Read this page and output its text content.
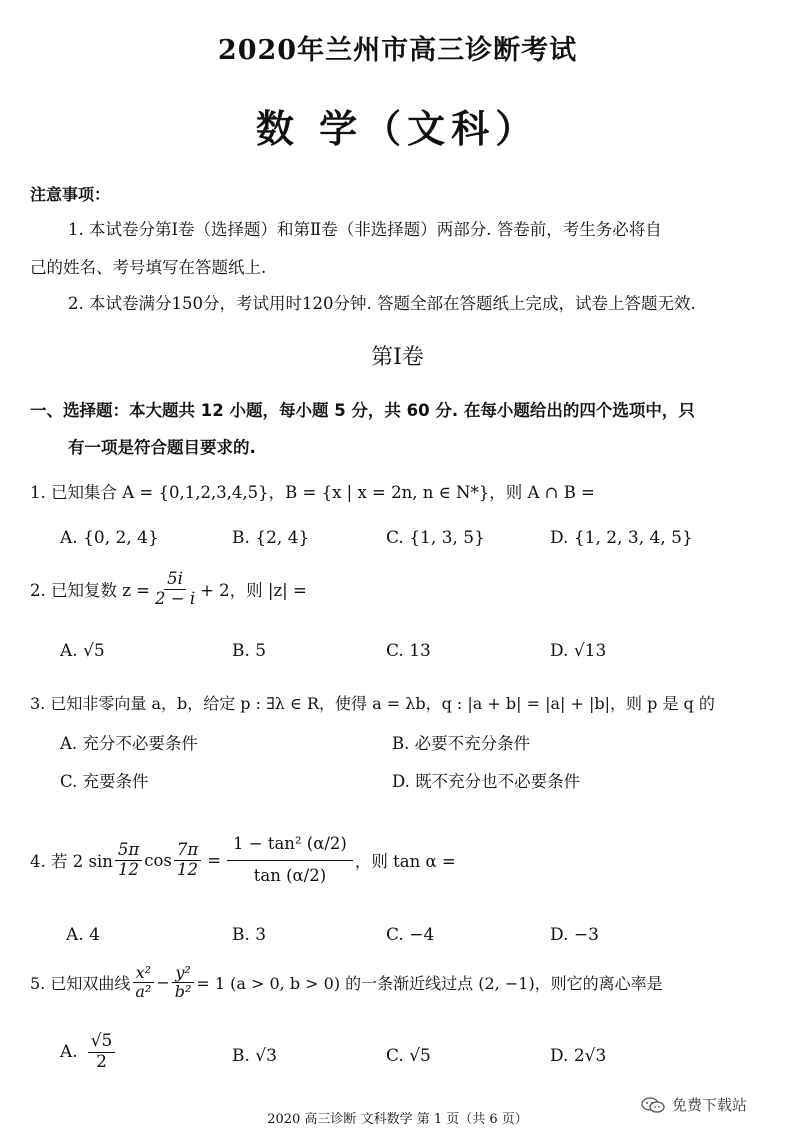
2020年兰州市高三诊断考试
数 学（文科）
注意事项：
1. 本试卷分第Ⅰ卷（选择题）和第Ⅱ卷（非选择题）两部分. 答卷前，考生务必将自
己的姓名、考号填写在答题纸上.
2. 本试卷满分150分，考试用时120分钟. 答题全部在答题纸上完成，试卷上答题无效.
第Ⅰ卷
一、选择题：本大题共 12 小题，每小题 5 分，共 60 分. 在每小题给出的四个选项中，只
有一项是符合题目要求的.
1. 已知集合 A = {0,1,2,3,4,5}，B = {x | x = 2n, n ∈ N*}，则 A ∩ B =
A. {0, 2, 4}	B. {2, 4}	C. {1, 3, 5}	D. {1, 2, 3, 4, 5}
2. 已知复数 $z = \frac{5i}{2 - i} + 2$，则 |z| =
A. √5	B. 5	C. 13	D. √13
3. 已知非零向量 a，b，给定 p : ∃λ ∈ R，使得 a = λb，q : |a + b| = |a| + |b|，则 p 是 q 的
A. 充分不必要条件	B. 必要不充分条件
C. 充要条件	D. 既不充分也不必要条件
4. 若 2 $\sin \frac{5\pi}{12}$ $\cos \frac{7\pi}{12} = \frac{\text{1 − tan² (α/2)}}{\tan (\alpha/2)}$ ，则 tan α =
A. 4	B. 3	C. −4	D. −3
5. 已知双曲线 $\frac{\text{x²}}{\text{a²}} - \frac{\text{y²}}{\text{b²}} = 1$ (a > 0, b > 0) 的一条渐近线过点 (2, −1)，则它的离心率是
A. $\frac{√5}{2}$	B. √3	C. √5	D. 2√3
2020 高三诊断 文科数学 第 1 页（共 6 页）
免费下载站
